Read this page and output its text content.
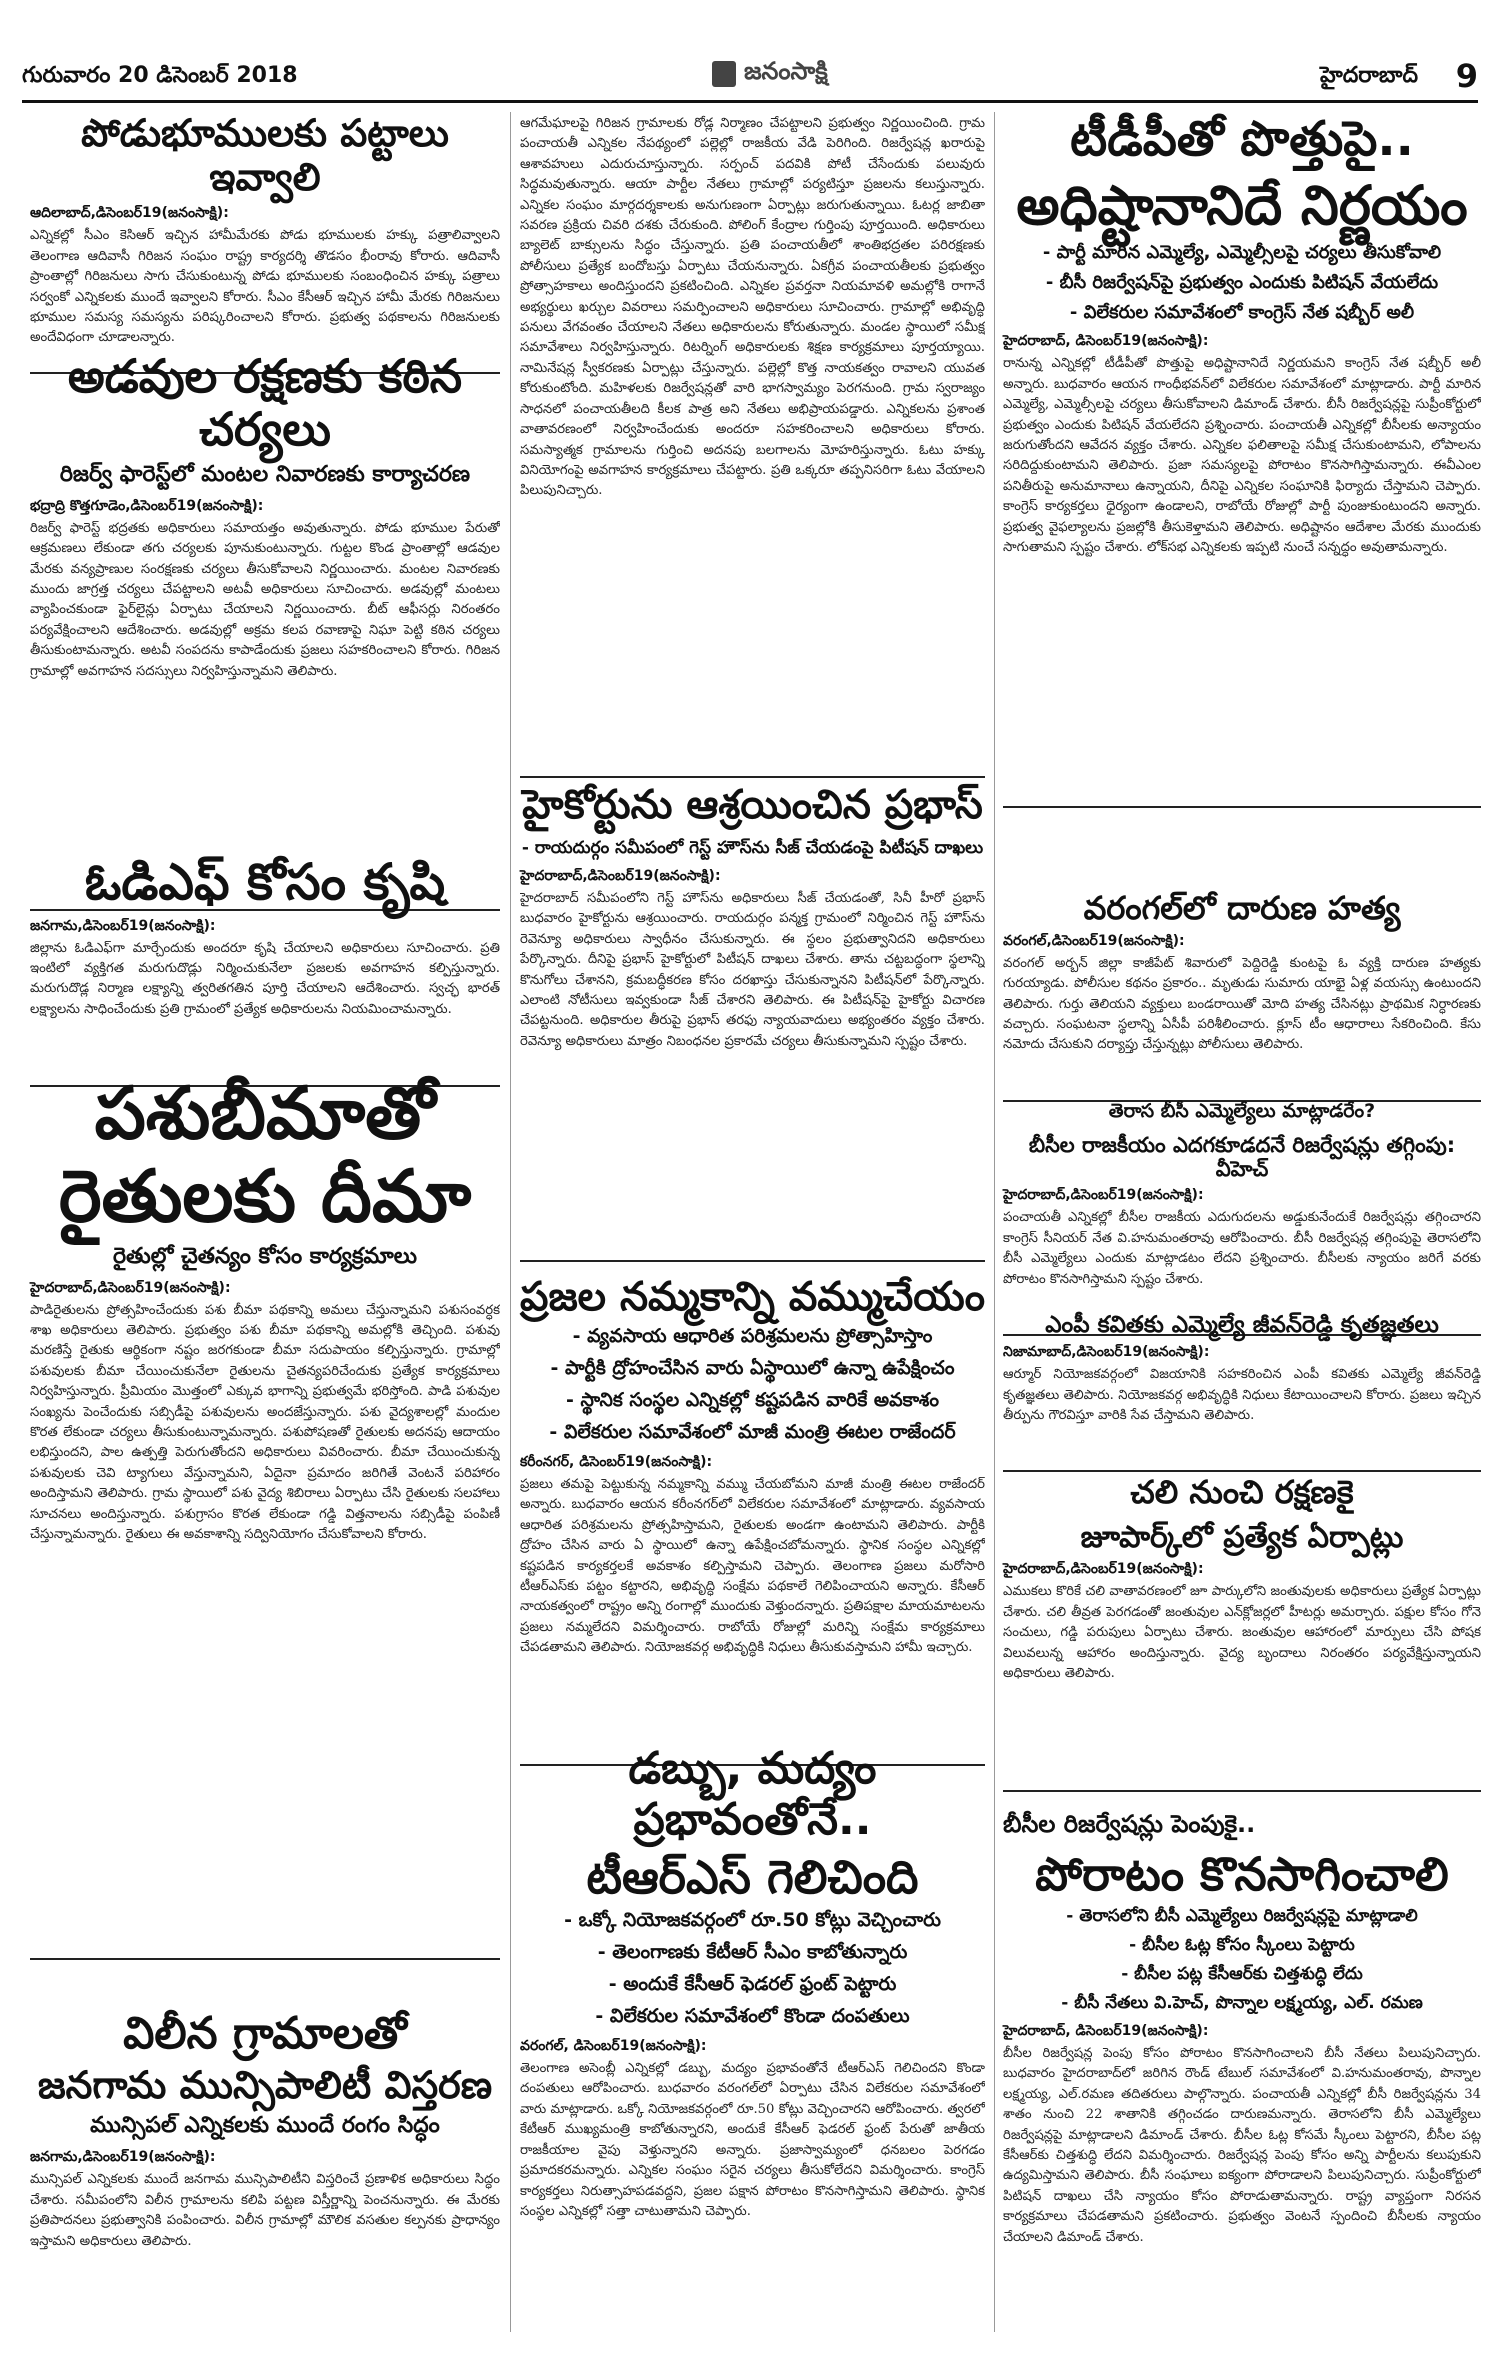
గురువారం 20 డిసెంబర్ 2018	జనంసాక్షి	హైదరాబాద్ 9
పోడుభూములకు పట్టాలు ఇవ్వాలి
ఆదిలాబాద్,డిసెంబర్19(జనంసాక్షి):
ఎన్నికల్లో సీఎం కెసిఆర్ ఇచ్చిన హామీమేరకు పోడు భూములకు హక్కు పత్రాలివ్వాలని తెలంగాణ ఆదివాసీ గిరిజన సంఘం రాష్ట్ర కార్యదర్శి తొడసం భీంరావు కోరారు. ఆదివాసీ ప్రాంతాల్లో గిరిజనులు సాగు చేసుకుంటున్న పోడు భూములకు సంబంధించిన హక్కు పత్రాలు సర్వంకో ఎన్నికలకు ముందే ఇవ్వాలని కోరారు. సీఎం కేసీఆర్ ఇచ్చిన హామీ మేరకు గిరిజనులు భూముల సమస్య సమస్యను పరిష్కరించాలని కోరారు. ప్రభుత్వ పథకాలను గిరిజనులకు అందేవిధంగా చూడాలన్నారు.
అడవుల రక్షణకు కఠిన చర్యలు
రిజర్వ్ ఫారెస్ట్‌లో మంటల నివారణకు కార్యాచరణ
భద్రాద్రి కొత్తగూడెం,డిసెంబర్19(జనంసాక్షి):
రిజర్వ్ ఫారెస్ట్ భద్రతకు అధికారులు సమాయత్తం అవుతున్నారు. పోడు భూముల పేరుతో ఆక్రమణలు లేకుండా తగు చర్యలకు పూనుకుంటున్నారు. గుట్టల కొండ ప్రాంతాల్లో ఆడవుల మేరకు వన్యప్రాణుల సంరక్షణకు చర్యలు తీసుకోవాలని నిర్ణయించారు. మంటల నివారణకు ముందు జాగ్రత్త చర్యలు చేపట్టాలని అటవీ అధికారులు సూచించారు. అడవుల్లో మంటలు వ్యాపించకుండా ఫైర్‌లైన్లు ఏర్పాటు చేయాలని నిర్ణయించారు. బీట్ ఆఫీసర్లు నిరంతరం పర్యవేక్షించాలని ఆదేశించారు. అడవుల్లో అక్రమ కలప రవాణాపై నిఘా పెట్టి కఠిన చర్యలు తీసుకుంటామన్నారు. అటవీ సంపదను కాపాడేందుకు ప్రజలు సహకరించాలని కోరారు. గిరిజన గ్రామాల్లో అవగాహన సదస్సులు నిర్వహిస్తున్నామని తెలిపారు.
ఓడిఎఫ్ కోసం కృషి
జనగామ,డిసెంబర్19(జనంసాక్షి):
జిల్లాను ఓడిఎఫ్‌గా మార్చేందుకు అందరూ కృషి చేయాలని అధికారులు సూచించారు. ప్రతి ఇంటిలో వ్యక్తిగత మరుగుదొడ్లు నిర్మించుకునేలా ప్రజలకు అవగాహన కల్పిస్తున్నారు. మరుగుదొడ్ల నిర్మాణ లక్ష్యాన్ని త్వరితగతిన పూర్తి చేయాలని ఆదేశించారు. స్వచ్ఛ భారత్ లక్ష్యాలను సాధించేందుకు ప్రతి గ్రామంలో ప్రత్యేక అధికారులను నియమించామన్నారు.
పశుబీమాతో
రైతులకు దీమా
రైతుల్లో చైతన్యం కోసం కార్యక్రమాలు
హైదరాబాద్,డిసెంబర్19(జనంసాక్షి):
పాడిరైతులను ప్రోత్సహించేందుకు పశు బీమా పథకాన్ని అమలు చేస్తున్నామని పశుసంవర్ధక శాఖ అధికారులు తెలిపారు. ప్రభుత్వం పశు బీమా పథకాన్ని అమల్లోకి తెచ్చింది. పశువు మరణిస్తే రైతుకు ఆర్థికంగా నష్టం జరగకుండా బీమా సదుపాయం కల్పిస్తున్నారు. గ్రామాల్లో పశువులకు బీమా చేయించుకునేలా రైతులను చైతన్యపరిచేందుకు ప్రత్యేక కార్యక్రమాలు నిర్వహిస్తున్నారు. ప్రీమియం మొత్తంలో ఎక్కువ భాగాన్ని ప్రభుత్వమే భరిస్తోంది. పాడి పశువుల సంఖ్యను పెంచేందుకు సబ్సిడీపై పశువులను అందజేస్తున్నారు. పశు వైద్యశాలల్లో మందుల కొరత లేకుండా చర్యలు తీసుకుంటున్నామన్నారు. పశుపోషణతో రైతులకు అదనపు ఆదాయం లభిస్తుందని, పాల ఉత్పత్తి పెరుగుతోందని అధికారులు వివరించారు. బీమా చేయించుకున్న పశువులకు చెవి ట్యాగులు వేస్తున్నామని, ఏదైనా ప్రమాదం జరిగితే వెంటనే పరిహారం అందిస్తామని తెలిపారు. గ్రామ స్థాయిలో పశు వైద్య శిబిరాలు ఏర్పాటు చేసి రైతులకు సలహాలు సూచనలు అందిస్తున్నారు. పశుగ్రాసం కొరత లేకుండా గడ్డి విత్తనాలను సబ్సిడీపై పంపిణీ చేస్తున్నామన్నారు. రైతులు ఈ అవకాశాన్ని సద్వినియోగం చేసుకోవాలని కోరారు.
విలీన గ్రామాలతో
జనగామ మున్సిపాలిటీ విస్తరణ
మున్సిపల్ ఎన్నికలకు ముందే రంగం సిద్ధం
జనగామ,డిసెంబర్19(జనంసాక్షి):
మున్సిపల్ ఎన్నికలకు ముందే జనగామ మున్సిపాలిటీని విస్తరించే ప్రణాళిక అధికారులు సిద్ధం చేశారు. సమీపంలోని విలీన గ్రామాలను కలిపి పట్టణ విస్తీర్ణాన్ని పెంచనున్నారు. ఈ మేరకు ప్రతిపాదనలు ప్రభుత్వానికి పంపించారు. విలీన గ్రామాల్లో మౌలిక వసతుల కల్పనకు ప్రాధాన్యం ఇస్తామని అధికారులు తెలిపారు.
ఆగమేఘాలపై గిరిజన గ్రామాలకు రోడ్ల నిర్మాణం చేపట్టాలని ప్రభుత్వం నిర్ణయించింది. గ్రామ పంచాయతీ ఎన్నికల నేపథ్యంలో పల్లెల్లో రాజకీయ వేడి పెరిగింది. రిజర్వేషన్ల ఖరారుపై ఆశావహులు ఎదురుచూస్తున్నారు. సర్పంచ్ పదవికి పోటీ చేసేందుకు పలువురు సిద్ధమవుతున్నారు. ఆయా పార్టీల నేతలు గ్రామాల్లో పర్యటిస్తూ ప్రజలను కలుస్తున్నారు. ఎన్నికల సంఘం మార్గదర్శకాలకు అనుగుణంగా ఏర్పాట్లు జరుగుతున్నాయి. ఓటర్ల జాబితా సవరణ ప్రక్రియ చివరి దశకు చేరుకుంది. పోలింగ్ కేంద్రాల గుర్తింపు పూర్తయింది. అధికారులు బ్యాలెట్ బాక్సులను సిద్ధం చేస్తున్నారు. ప్రతి పంచాయతీలో శాంతిభద్రతల పరిరక్షణకు పోలీసులు ప్రత్యేక బందోబస్తు ఏర్పాటు చేయనున్నారు. ఏకగ్రీవ పంచాయతీలకు ప్రభుత్వం ప్రోత్సాహకాలు అందిస్తుందని ప్రకటించింది. ఎన్నికల ప్రవర్తనా నియమావళి అమల్లోకి రాగానే అభ్యర్థులు ఖర్చుల వివరాలు సమర్పించాలని అధికారులు సూచించారు. గ్రామాల్లో అభివృద్ధి పనులు వేగవంతం చేయాలని నేతలు అధికారులను కోరుతున్నారు. మండల స్థాయిలో సమీక్ష సమావేశాలు నిర్వహిస్తున్నారు. రిటర్నింగ్ అధికారులకు శిక్షణ కార్యక్రమాలు పూర్తయ్యాయి. నామినేషన్ల స్వీకరణకు ఏర్పాట్లు చేస్తున్నారు. పల్లెల్లో కొత్త నాయకత్వం రావాలని యువత కోరుకుంటోంది. మహిళలకు రిజర్వేషన్లతో వారి భాగస్వామ్యం పెరగనుంది. గ్రామ స్వరాజ్యం సాధనలో పంచాయతీలది కీలక పాత్ర అని నేతలు అభిప్రాయపడ్డారు. ఎన్నికలను ప్రశాంత వాతావరణంలో నిర్వహించేందుకు అందరూ సహకరించాలని అధికారులు కోరారు. సమస్యాత్మక గ్రామాలను గుర్తించి అదనపు బలగాలను మోహరిస్తున్నారు. ఓటు హక్కు వినియోగంపై అవగాహన కార్యక్రమాలు చేపట్టారు. ప్రతి ఒక్కరూ తప్పనిసరిగా ఓటు వేయాలని పిలుపునిచ్చారు.
హైకోర్టును ఆశ్రయించిన ప్రభాస్
- రాయదుర్గం సమీపంలో గెస్ట్ హౌస్‌ను సీజ్ చేయడంపై పిటీషన్ దాఖలు
హైదరాబాద్,డిసెంబర్19(జనంసాక్షి):
హైదరాబాద్ సమీపంలోని గెస్ట్ హౌస్‌ను అధికారులు సీజ్ చేయడంతో, సినీ హీరో ప్రభాస్ బుధవారం హైకోర్టును ఆశ్రయించారు. రాయదుర్గం పన్మక్త గ్రామంలో నిర్మించిన గెస్ట్ హౌస్‌ను రెవెన్యూ అధికారులు స్వాధీనం చేసుకున్నారు. ఈ స్థలం ప్రభుత్వానిదని అధికారులు పేర్కొన్నారు. దీనిపై ప్రభాస్ హైకోర్టులో పిటీషన్ దాఖలు చేశారు. తాను చట్టబద్ధంగా స్థలాన్ని కొనుగోలు చేశానని, క్రమబద్ధీకరణ కోసం దరఖాస్తు చేసుకున్నానని పిటీషన్‌లో పేర్కొన్నారు. ఎలాంటి నోటీసులు ఇవ్వకుండా సీజ్ చేశారని తెలిపారు. ఈ పిటీషన్‌పై హైకోర్టు విచారణ చేపట్టనుంది. అధికారుల తీరుపై ప్రభాస్ తరఫు న్యాయవాదులు అభ్యంతరం వ్యక్తం చేశారు. రెవెన్యూ అధికారులు మాత్రం నిబంధనల ప్రకారమే చర్యలు తీసుకున్నామని స్పష్టం చేశారు.
ప్రజల నమ్మకాన్ని వమ్ముచేయం
- వ్యవసాయ ఆధారిత పరిశ్రమలను ప్రోత్సాహిస్తాం
- పార్టీకి ద్రోహంచేసిన వారు ఏస్థాయిలో ఉన్నా ఉపేక్షించం
- స్థానిక సంస్థల ఎన్నికల్లో కష్టపడిన వారికే అవకాశం
- విలేకరుల సమావేశంలో మాజీ మంత్రి ఈటల రాజేందర్
కరీంనగర్, డిసెంబర్19(జనంసాక్షి):
ప్రజలు తమపై పెట్టుకున్న నమ్మకాన్ని వమ్ము చేయబోమని మాజీ మంత్రి ఈటల రాజేందర్ అన్నారు. బుధవారం ఆయన కరీంనగర్‌లో విలేకరుల సమావేశంలో మాట్లాడారు. వ్యవసాయ ఆధారిత పరిశ్రమలను ప్రోత్సహిస్తామని, రైతులకు అండగా ఉంటామని తెలిపారు. పార్టీకి ద్రోహం చేసిన వారు ఏ స్థాయిలో ఉన్నా ఉపేక్షించబోమన్నారు. స్థానిక సంస్థల ఎన్నికల్లో కష్టపడిన కార్యకర్తలకే అవకాశం కల్పిస్తామని చెప్పారు. తెలంగాణ ప్రజలు మరోసారి టీఆర్ఎస్‌కు పట్టం కట్టారని, అభివృద్ధి సంక్షేమ పథకాలే గెలిపించాయని అన్నారు. కేసీఆర్ నాయకత్వంలో రాష్ట్రం అన్ని రంగాల్లో ముందుకు వెళ్తుందన్నారు. ప్రతిపక్షాల మాయమాటలను ప్రజలు నమ్మలేదని విమర్శించారు. రాబోయే రోజుల్లో మరిన్ని సంక్షేమ కార్యక్రమాలు చేపడతామని తెలిపారు. నియోజకవర్గ అభివృద్ధికి నిధులు తీసుకువస్తామని హామీ ఇచ్చారు.
డబ్బు, మద్యం ప్రభావంతోనే..
టీఆర్ఎస్ గెలిచింది
- ఒక్కో నియోజకవర్గంలో రూ.50 కోట్లు వెచ్చించారు
- తెలంగాణకు కేటీఆర్ సీఎం కాబోతున్నారు
- అందుకే కేసీఆర్ ఫెడరల్ ఫ్రంట్ పెట్టారు
- విలేకరుల సమావేశంలో కొండా దంపతులు
వరంగల్, డిసెంబర్19(జనంసాక్షి):
తెలంగాణ అసెంబ్లీ ఎన్నికల్లో డబ్బు, మద్యం ప్రభావంతోనే టీఆర్ఎస్ గెలిచిందని కొండా దంపతులు ఆరోపించారు. బుధవారం వరంగల్‌లో ఏర్పాటు చేసిన విలేకరుల సమావేశంలో వారు మాట్లాడారు. ఒక్కో నియోజకవర్గంలో రూ.50 కోట్లు వెచ్చించారని ఆరోపించారు. త్వరలో కేటీఆర్ ముఖ్యమంత్రి కాబోతున్నారని, అందుకే కేసీఆర్ ఫెడరల్ ఫ్రంట్ పేరుతో జాతీయ రాజకీయాల వైపు వెళ్తున్నారని అన్నారు. ప్రజాస్వామ్యంలో ధనబలం పెరగడం ప్రమాదకరమన్నారు. ఎన్నికల సంఘం సరైన చర్యలు తీసుకోలేదని విమర్శించారు. కాంగ్రెస్ కార్యకర్తలు నిరుత్సాహపడవద్దని, ప్రజల పక్షాన పోరాటం కొనసాగిస్తామని తెలిపారు. స్థానిక సంస్థల ఎన్నికల్లో సత్తా చాటుతామని చెప్పారు.
టీడీపీతో పొత్తుపై..
అధిష్టానానిదే నిర్ణయం
- పార్టీ మారిన ఎమ్మెల్యే, ఎమ్మెల్సీలపై చర్యలు తీసుకోవాలి
- బీసీ రిజర్వేషన్‌పై ప్రభుత్వం ఎందుకు పిటిషన్ వేయలేదు
- విలేకరుల సమావేశంలో కాంగ్రెస్ నేత షబ్బీర్ అలీ
హైదరాబాద్, డిసెంబర్19(జనంసాక్షి):
రానున్న ఎన్నికల్లో టీడీపీతో పొత్తుపై అధిష్టానానిదే నిర్ణయమని కాంగ్రెస్ నేత షబ్బీర్ అలీ అన్నారు. బుధవారం ఆయన గాంధీభవన్‌లో విలేకరుల సమావేశంలో మాట్లాడారు. పార్టీ మారిన ఎమ్మెల్యే, ఎమ్మెల్సీలపై చర్యలు తీసుకోవాలని డిమాండ్ చేశారు. బీసీ రిజర్వేషన్లపై సుప్రీంకోర్టులో ప్రభుత్వం ఎందుకు పిటిషన్ వేయలేదని ప్రశ్నించారు. పంచాయతీ ఎన్నికల్లో బీసీలకు అన్యాయం జరుగుతోందని ఆవేదన వ్యక్తం చేశారు. ఎన్నికల ఫలితాలపై సమీక్ష చేసుకుంటామని, లోపాలను సరిదిద్దుకుంటామని తెలిపారు. ప్రజా సమస్యలపై పోరాటం కొనసాగిస్తామన్నారు. ఈవీఎంల పనితీరుపై అనుమానాలు ఉన్నాయని, దీనిపై ఎన్నికల సంఘానికి ఫిర్యాదు చేస్తామని చెప్పారు. కాంగ్రెస్ కార్యకర్తలు ధైర్యంగా ఉండాలని, రాబోయే రోజుల్లో పార్టీ పుంజుకుంటుందని అన్నారు. ప్రభుత్వ వైఫల్యాలను ప్రజల్లోకి తీసుకెళ్తామని తెలిపారు. అధిష్టానం ఆదేశాల మేరకు ముందుకు సాగుతామని స్పష్టం చేశారు. లోక్‌సభ ఎన్నికలకు ఇప్పటి నుంచే సన్నద్ధం అవుతామన్నారు.
వరంగల్‌లో దారుణ హత్య
వరంగల్,డిసెంబర్19(జనంసాక్షి):
వరంగల్ అర్బన్ జిల్లా కాజీపేట్ శివారులో పెద్దిరెడ్డి కుంటపై ఓ వ్యక్తి దారుణ హత్యకు గురయ్యాడు. పోలీసుల కథనం ప్రకారం.. మృతుడు సుమారు యాభై ఏళ్ల వయస్సు ఉంటుందని తెలిపారు. గుర్తు తెలియని వ్యక్తులు బండరాయితో మోది హత్య చేసినట్లు ప్రాథమిక నిర్ధారణకు వచ్చారు. సంఘటనా స్థలాన్ని ఏసీపీ పరిశీలించారు. క్లూస్ టీం ఆధారాలు సేకరించింది. కేసు నమోదు చేసుకుని దర్యాప్తు చేస్తున్నట్లు పోలీసులు తెలిపారు.
తెరాస బీసీ ఎమ్మెల్యేలు మాట్లాడరేం?
బీసీల రాజకీయం ఎదగకూడదనే రిజర్వేషన్లు తగ్గింపు: వీహెచ్
హైదరాబాద్,డిసెంబర్19(జనంసాక్షి):
పంచాయతీ ఎన్నికల్లో బీసీల రాజకీయ ఎదుగుదలను అడ్డుకునేందుకే రిజర్వేషన్లు తగ్గించారని కాంగ్రెస్ సీనియర్ నేత వి.హనుమంతరావు ఆరోపించారు. బీసీ రిజర్వేషన్ల తగ్గింపుపై తెరాసలోని బీసీ ఎమ్మెల్యేలు ఎందుకు మాట్లాడటం లేదని ప్రశ్నించారు. బీసీలకు న్యాయం జరిగే వరకు పోరాటం కొనసాగిస్తామని స్పష్టం చేశారు.
ఎంపీ కవితకు ఎమ్మెల్యే జీవన్‌రెడ్డి కృతజ్ఞతలు
నిజామాబాద్,డిసెంబర్19(జనంసాక్షి):
ఆర్మూర్ నియోజకవర్గంలో విజయానికి సహకరించిన ఎంపీ కవితకు ఎమ్మెల్యే జీవన్‌రెడ్డి కృతజ్ఞతలు తెలిపారు. నియోజకవర్గ అభివృద్ధికి నిధులు కేటాయించాలని కోరారు. ప్రజలు ఇచ్చిన తీర్పును గౌరవిస్తూ వారికి సేవ చేస్తామని తెలిపారు.
చలి నుంచి రక్షణకై
జూపార్క్‌లో ప్రత్యేక ఏర్పాట్లు
హైదరాబాద్,డిసెంబర్19(జనంసాక్షి):
ఎముకలు కొరికే చలి వాతావరణంలో జూ పార్కులోని జంతువులకు అధికారులు ప్రత్యేక ఏర్పాట్లు చేశారు. చలి తీవ్రత పెరగడంతో జంతువుల ఎన్‌క్లోజర్లలో హీటర్లు అమర్చారు. పక్షుల కోసం గోనె సంచులు, గడ్డి పరుపులు ఏర్పాటు చేశారు. జంతువుల ఆహారంలో మార్పులు చేసి పోషక విలువలున్న ఆహారం అందిస్తున్నారు. వైద్య బృందాలు నిరంతరం పర్యవేక్షిస్తున్నాయని అధికారులు తెలిపారు.
బీసీల రిజర్వేషన్లు పెంపుకై..
పోరాటం కొనసాగించాలి
- తెరాసలోని బీసీ ఎమ్మెల్యేలు రిజర్వేషన్లపై మాట్లాడాలి
- బీసీల ఓట్ల కోసం స్కీంలు పెట్టారు
- బీసీల పట్ల కేసీఆర్‌కు చిత్తశుద్ధి లేదు
- బీసీ నేతలు వి.హెచ్, పొన్నాల లక్ష్మయ్య, ఎల్. రమణ
హైదరాబాద్, డిసెంబర్19(జనంసాక్షి):
బీసీల రిజర్వేషన్ల పెంపు కోసం పోరాటం కొనసాగించాలని బీసీ నేతలు పిలుపునిచ్చారు. బుధవారం హైదరాబాద్‌లో జరిగిన రౌండ్ టేబుల్ సమావేశంలో వి.హనుమంతరావు, పొన్నాల లక్ష్మయ్య, ఎల్.రమణ తదితరులు పాల్గొన్నారు. పంచాయతీ ఎన్నికల్లో బీసీ రిజర్వేషన్లను 34 శాతం నుంచి 22 శాతానికి తగ్గించడం దారుణమన్నారు. తెరాసలోని బీసీ ఎమ్మెల్యేలు రిజర్వేషన్లపై మాట్లాడాలని డిమాండ్ చేశారు. బీసీల ఓట్ల కోసమే స్కీంలు పెట్టారని, బీసీల పట్ల కేసీఆర్‌కు చిత్తశుద్ధి లేదని విమర్శించారు. రిజర్వేషన్ల పెంపు కోసం అన్ని పార్టీలను కలుపుకుని ఉద్యమిస్తామని తెలిపారు. బీసీ సంఘాలు ఐక్యంగా పోరాడాలని పిలుపునిచ్చారు. సుప్రీంకోర్టులో పిటిషన్ దాఖలు చేసి న్యాయం కోసం పోరాడుతామన్నారు. రాష్ట్ర వ్యాప్తంగా నిరసన కార్యక్రమాలు చేపడతామని ప్రకటించారు. ప్రభుత్వం వెంటనే స్పందించి బీసీలకు న్యాయం చేయాలని డిమాండ్ చేశారు.
